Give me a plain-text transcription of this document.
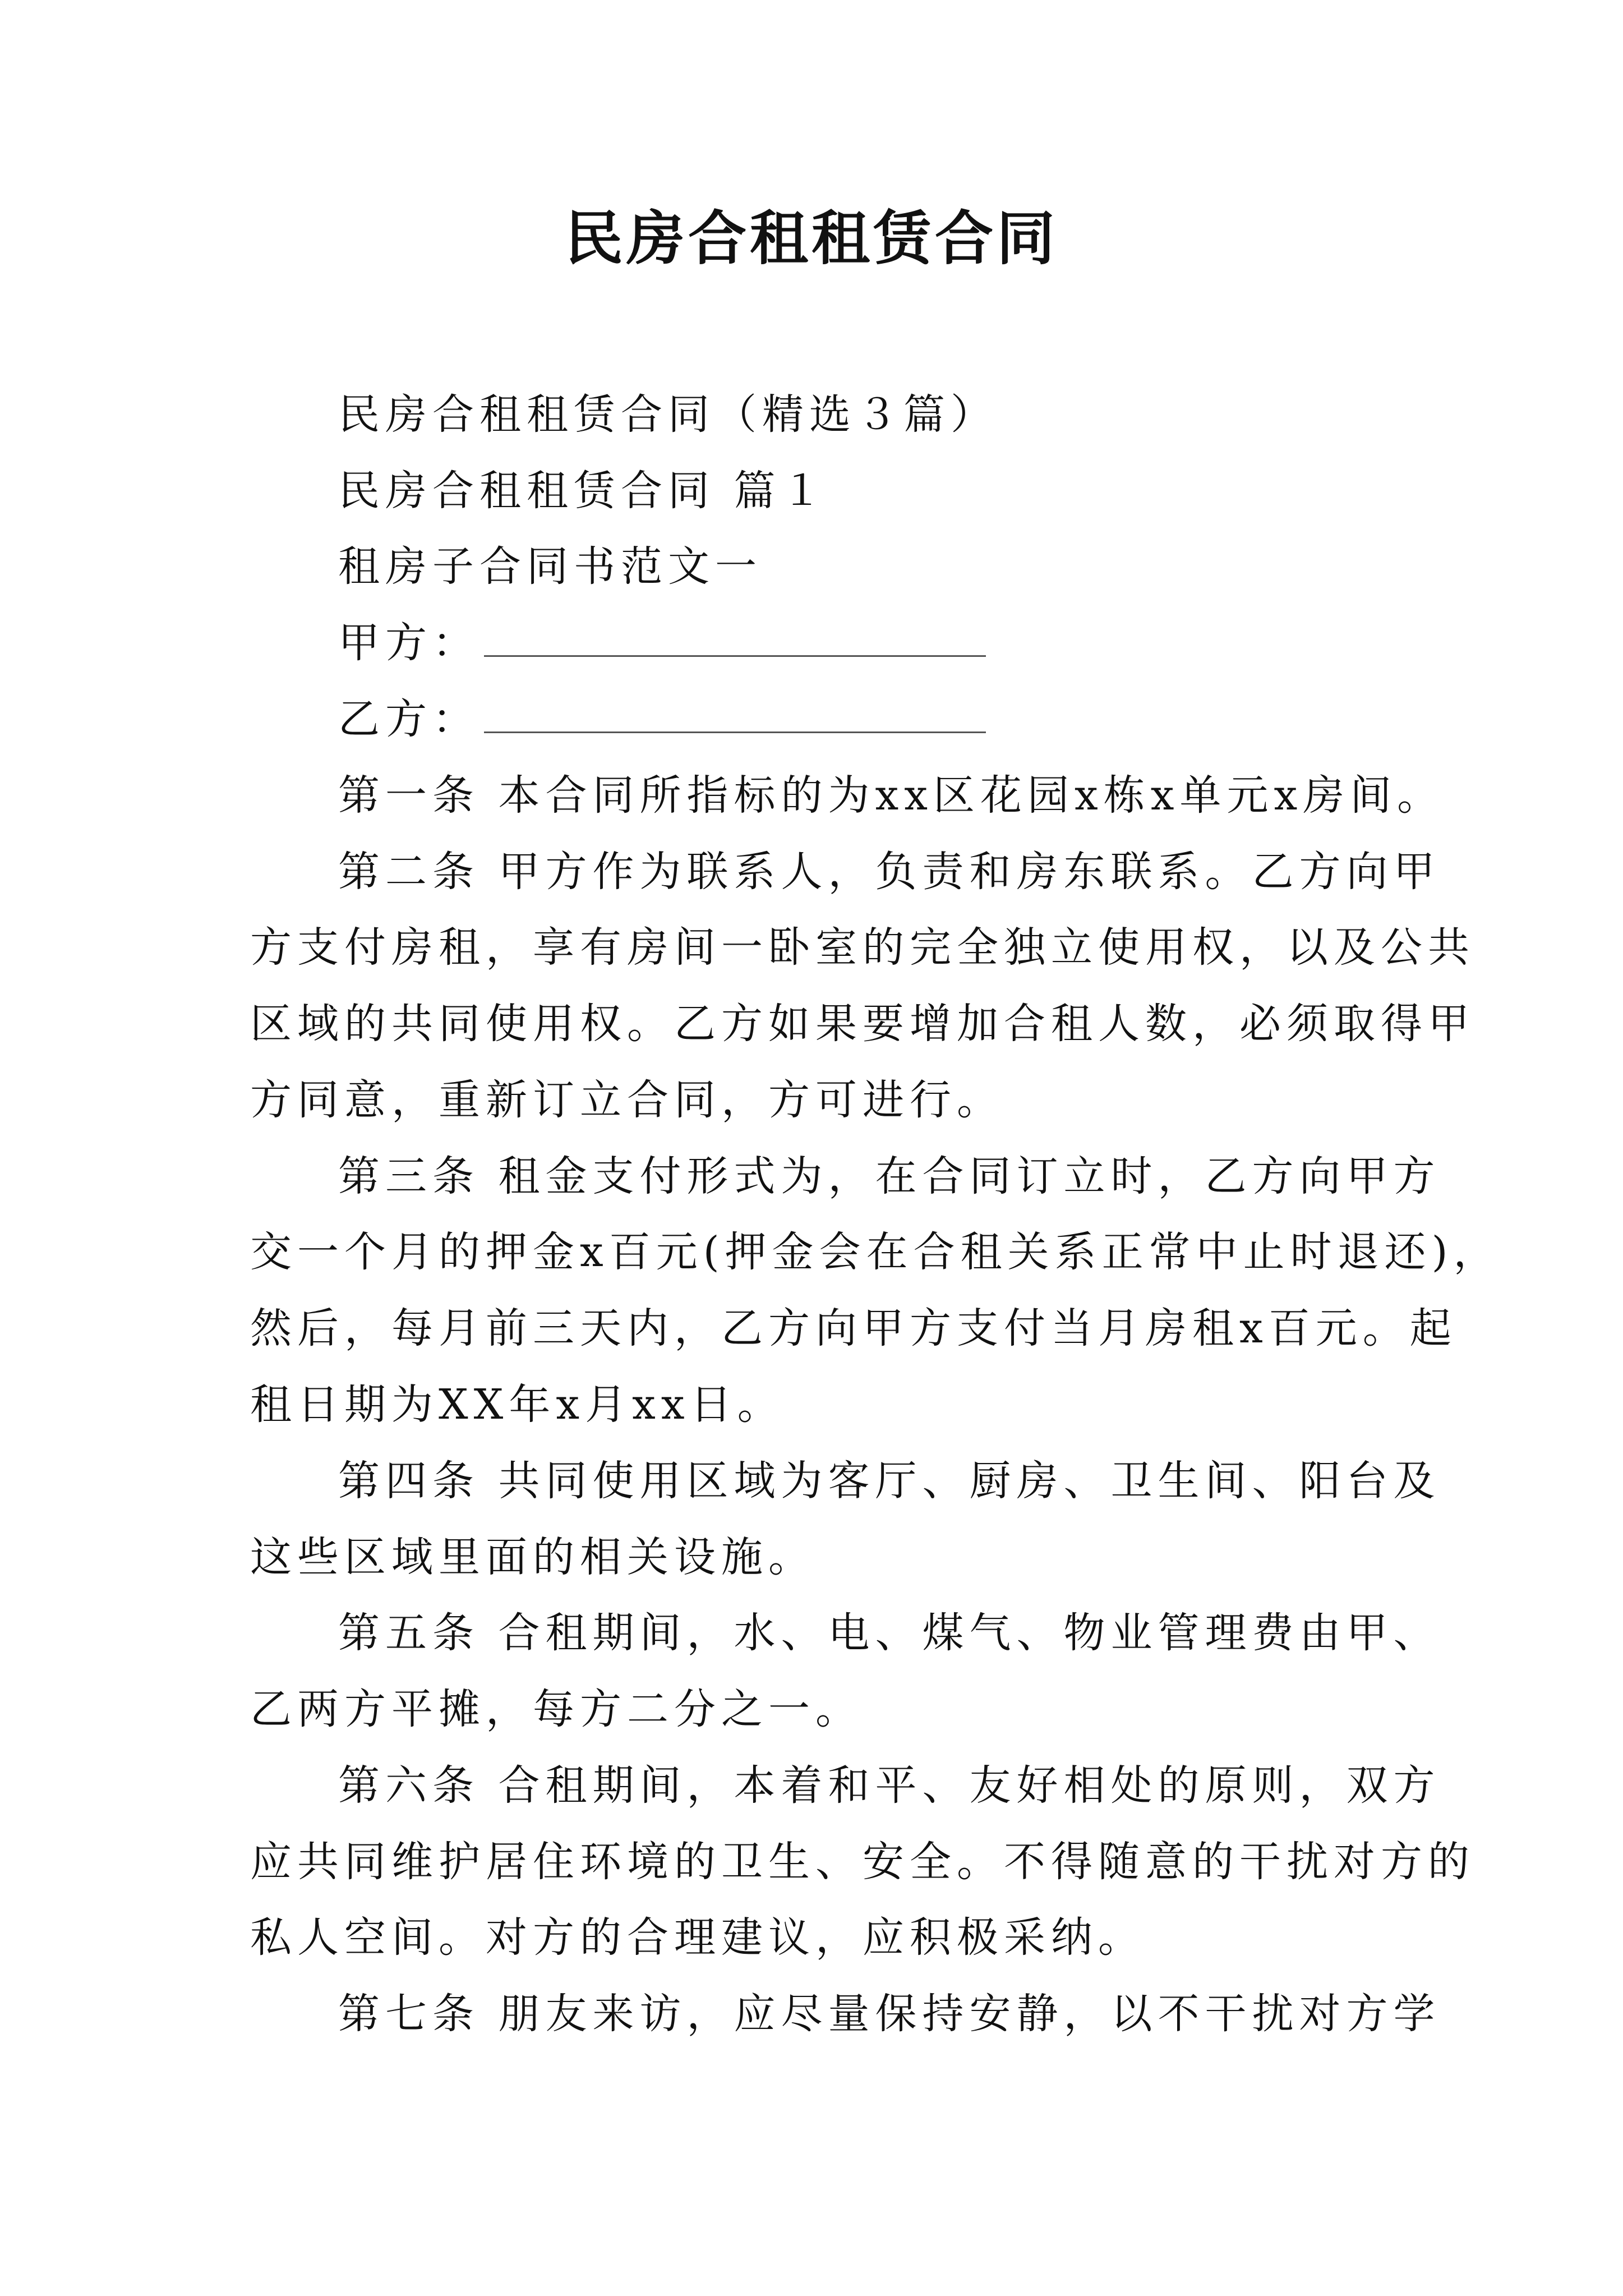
民房合租租赁合同
民房合租租赁合同（精选３篇）
民房合租租赁合同 篇１
租房子合同书范文一
甲方：
乙方：
第一条 本合同所指标的为xx区花园x栋x单元x房间。
第二条 甲方作为联系人，负责和房东联系。乙方向甲
方支付房租，享有房间一卧室的完全独立使用权，以及公共
区域的共同使用权。乙方如果要增加合租人数，必须取得甲
方同意，重新订立合同，方可进行。
第三条 租金支付形式为，在合同订立时，乙方向甲方
交一个月的押金x百元(押金会在合租关系正常中止时退还)，
然后，每月前三天内，乙方向甲方支付当月房租x百元。起
租日期为XX年x月xx日。
第四条 共同使用区域为客厅、厨房、卫生间、阳台及
这些区域里面的相关设施。
第五条 合租期间，水、电、煤气、物业管理费由甲、
乙两方平摊，每方二分之一。
第六条 合租期间，本着和平、友好相处的原则，双方
应共同维护居住环境的卫生、安全。不得随意的干扰对方的
私人空间。对方的合理建议，应积极采纳。
第七条 朋友来访，应尽量保持安静，以不干扰对方学
